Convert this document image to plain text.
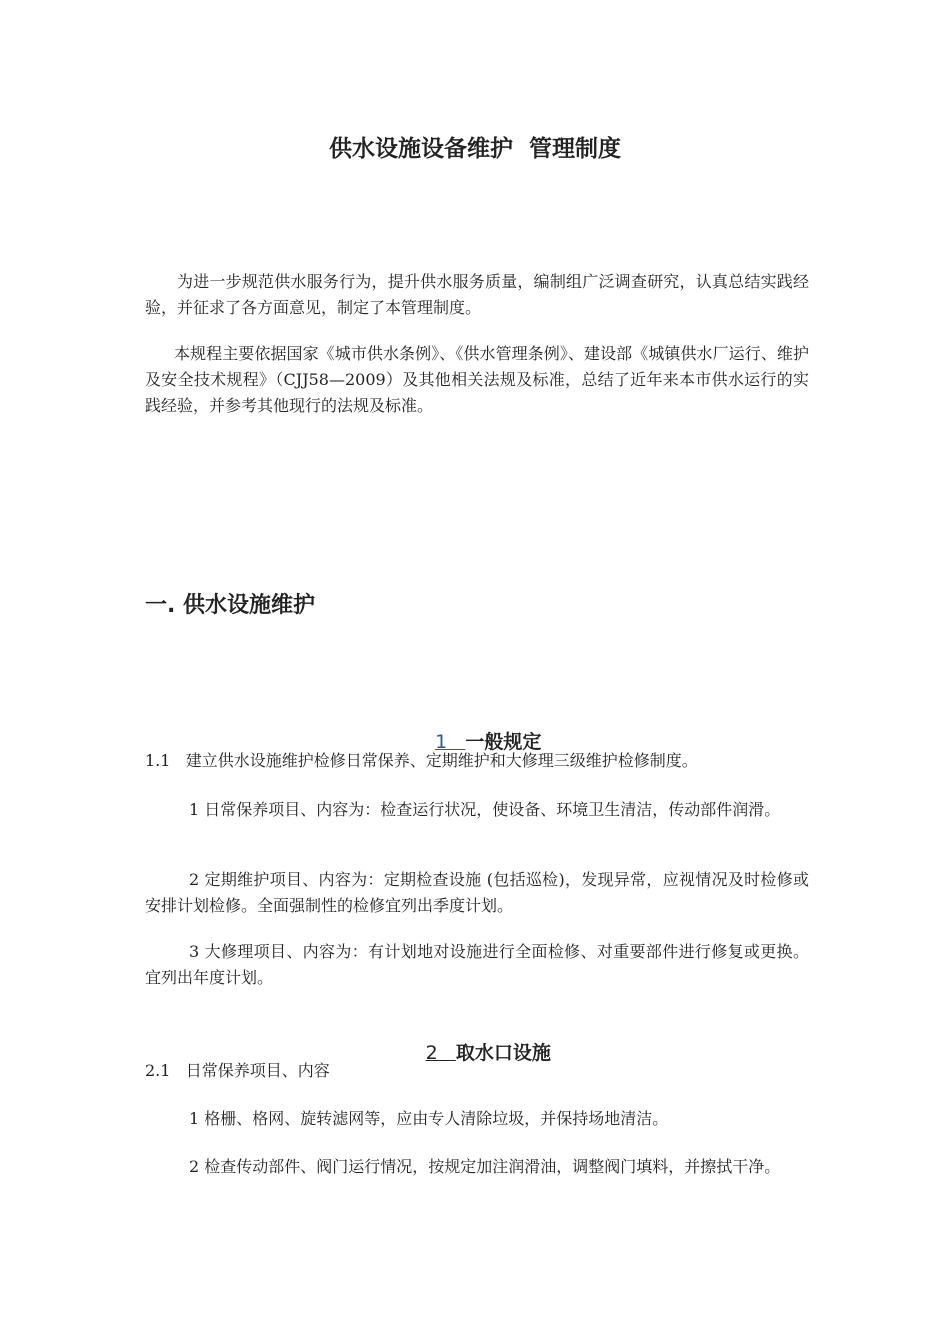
供水设施设备维护  管理制度
为进一步规范供水服务行为，提升供水服务质量，编制组广泛调查研究，认真总结实践经验，并征求了各方面意见，制定了本管理制度。
本规程主要依据国家《城市供水条例》、《供水管理条例》、建设部《城镇供水厂运行、维护及安全技术规程》（CJJ58—2009）及其他相关法规及标准，总结了近年来本市供水运行的实践经验，并参考其他现行的法规及标准。
一. 供水设施维护

1   一般规定

1.1   建立供水设施维护检修日常保养、定期维护和大修理三级维护检修制度。
1 日常保养项目、内容为：检查运行状况，使设备、环境卫生清洁，传动部件润滑。
2 定期维护项目、内容为：定期检查设施 (包括巡检)，发现异常，应视情况及时检修或安排计划检修。全面强制性的检修宜列出季度计划。
3 大修理项目、内容为：有计划地对设施进行全面检修、对重要部件进行修复或更换。宜列出年度计划。

2   取水口设施

2.1   日常保养项目、内容
1 格栅、格网、旋转滤网等，应由专人清除垃圾，并保持场地清洁。
2 检查传动部件、阀门运行情况，按规定加注润滑油，调整阀门填料，并擦拭干净。
